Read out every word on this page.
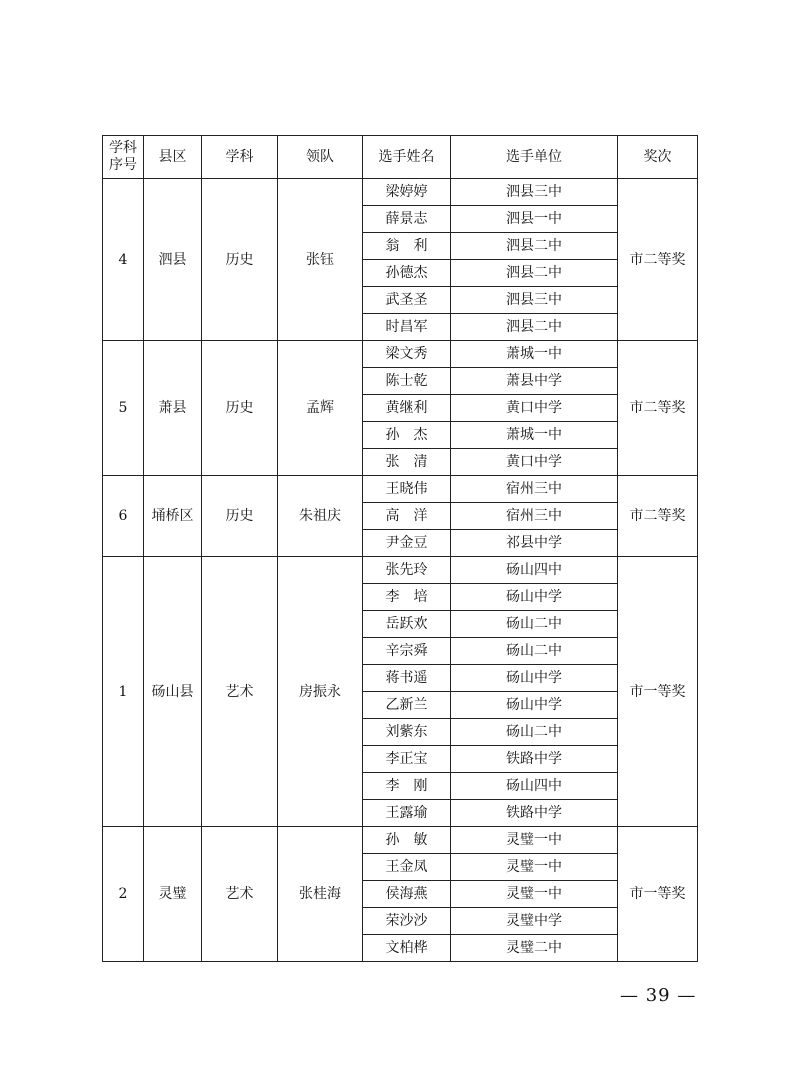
学科序号	县区	学科	领队	选手姓名	选手单位	奖次
4	泗县	历史	张钰	梁婷婷	泗县三中	市二等奖
				薛景志	泗县一中	
				翁　利	泗县二中	
				孙德杰	泗县二中	
				武圣圣	泗县三中	
				时昌军	泗县二中	
5	萧县	历史	孟辉	梁文秀	萧城一中	市二等奖
				陈士乾	萧县中学	
				黄继利	黄口中学	
				孙　杰	萧城一中	
				张　清	黄口中学	
6	埇桥区	历史	朱祖庆	王晓伟	宿州三中	市二等奖
				高　洋	宿州三中	
				尹金豆	祁县中学	
1	砀山县	艺术	房振永	张先玲	砀山四中	市一等奖
				李　培	砀山中学	
				岳跃欢	砀山二中	
				辛宗舜	砀山二中	
				蒋书遥	砀山中学	
				乙新兰	砀山中学	
				刘紫东	砀山二中	
				李正宝	铁路中学	
				李　刚	砀山四中	
				王露瑜	铁路中学	
2	灵璧	艺术	张桂海	孙　敏	灵璧一中	市一等奖
				王金凤	灵璧一中	
				侯海燕	灵璧一中	
				荣沙沙	灵璧中学	
				文柏桦	灵璧二中	
— 39 —
